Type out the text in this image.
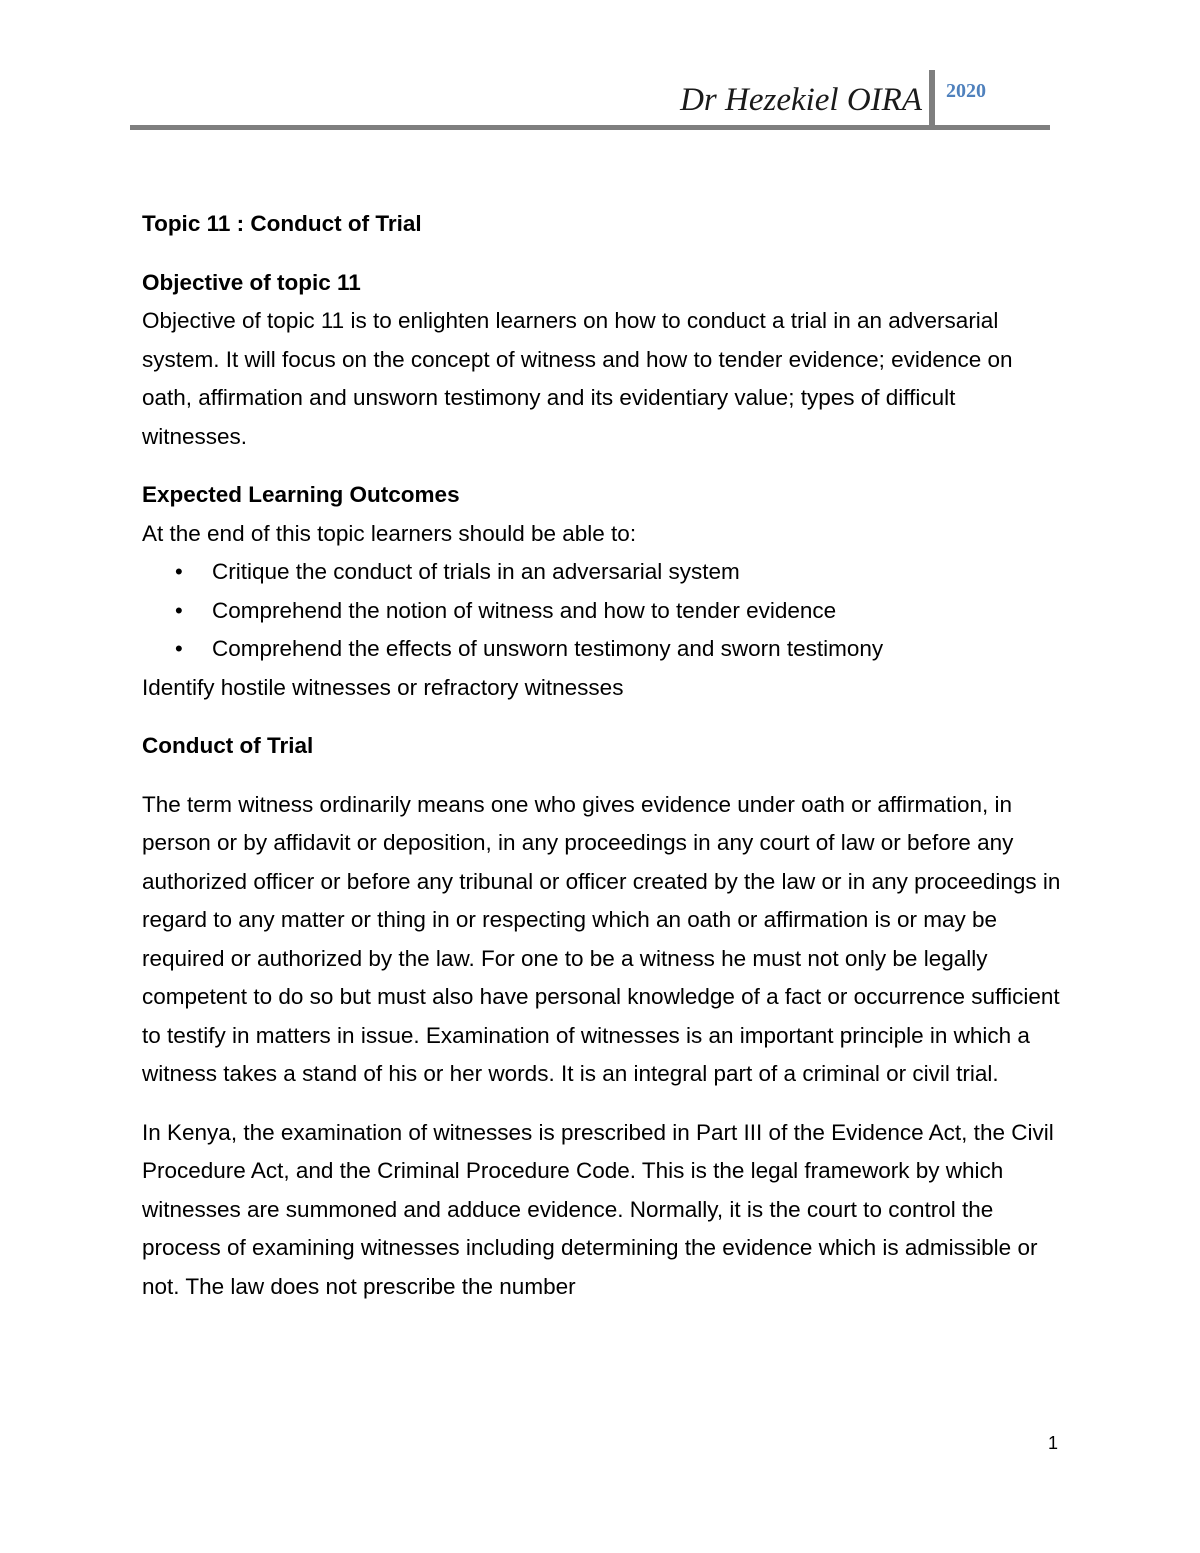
Dr Hezekiel OIRA 2020

Topic 11 : Conduct of Trial

Objective of topic 11

Objective of topic 11 is to enlighten learners on how to conduct a trial in an adversarial system. It will focus on the concept of witness and how to tender evidence; evidence on oath, affirmation and unsworn testimony and its evidentiary value; types of difficult witnesses.

Expected Learning Outcomes

At the end of this topic learners should be able to:

• Critique the conduct of trials in an adversarial system
• Comprehend the notion of witness and how to tender evidence
• Comprehend the effects of unsworn testimony and sworn testimony

Identify hostile witnesses or refractory witnesses

Conduct of Trial

The term witness ordinarily means one who gives evidence under oath or affirmation, in person or by affidavit or deposition, in any proceedings in any court of law or before any authorized officer or before any tribunal or officer created by the law or in any proceedings in regard to any matter or thing in or respecting which an oath or affirmation is or may be required or authorized by the law. For one to be a witness he must not only be legally competent to do so but must also have personal knowledge of a fact or occurrence sufficient to testify in matters in issue. Examination of witnesses is an important principle in which a witness takes a stand of his or her words. It is an integral part of a criminal or civil trial.

In Kenya, the examination of witnesses is prescribed in Part III of the Evidence Act, the Civil Procedure Act, and the Criminal Procedure Code. This is the legal framework by which witnesses are summoned and adduce evidence. Normally, it is the court to control the process of examining witnesses including determining the evidence which is admissible or not. The law does not prescribe the number

1
